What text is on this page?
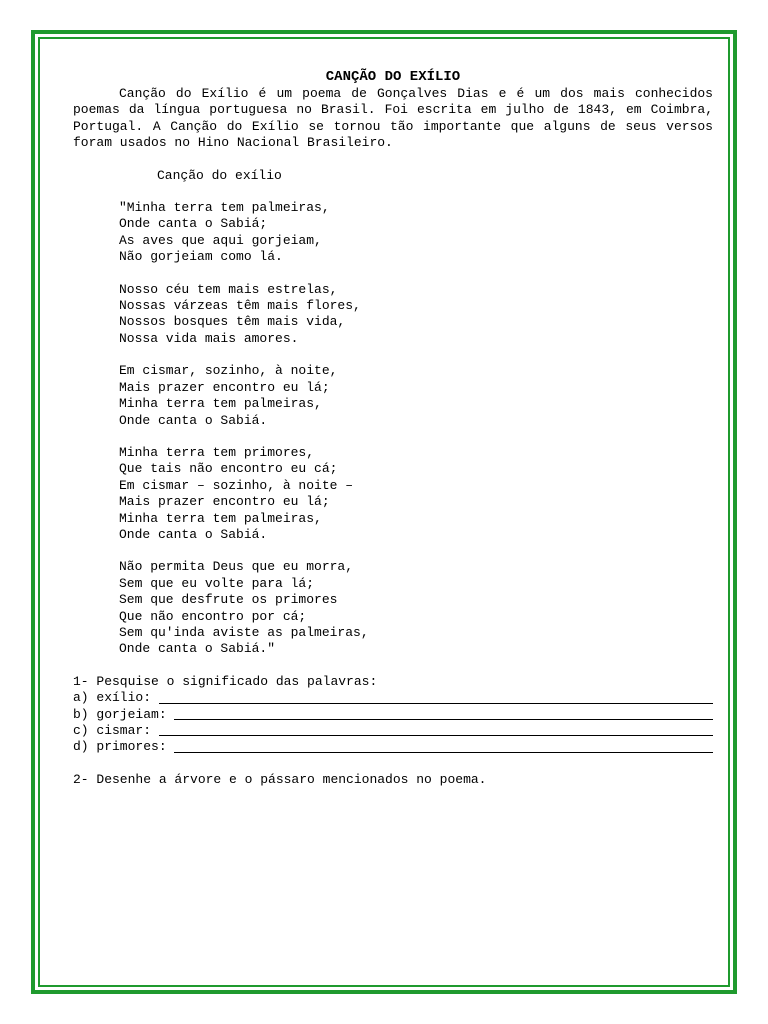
CANÇÃO DO EXÍLIO

Canção do Exílio é um poema de Gonçalves Dias e é um dos mais conhecidos poemas da língua portuguesa no Brasil. Foi escrita em julho de 1843, em Coimbra, Portugal. A Canção do Exílio se tornou tão importante que alguns de seus versos foram usados no Hino Nacional Brasileiro.

Canção do exílio
"Minha terra tem palmeiras,
Onde canta o Sabiá;
As aves que aqui gorjeiam,
Não gorjeiam como lá.
Nosso céu tem mais estrelas,
Nossas várzeas têm mais flores,
Nossos bosques têm mais vida,
Nossa vida mais amores.
Em cismar, sozinho, à noite,
Mais prazer encontro eu lá;
Minha terra tem palmeiras,
Onde canta o Sabiá.
Minha terra tem primores,
Que tais não encontro eu cá;
Em cismar – sozinho, à noite –
Mais prazer encontro eu lá;
Minha terra tem palmeiras,
Onde canta o Sabiá.
Não permita Deus que eu morra,
Sem que eu volte para lá;
Sem que desfrute os primores
Que não encontro por cá;
Sem qu'inda aviste as palmeiras,
Onde canta o Sabiá."
1- Pesquise o significado das palavras:
a) exílio:
b) gorjeiam:
c) cismar:
d) primores:
2- Desenhe a árvore e o pássaro mencionados no poema.
